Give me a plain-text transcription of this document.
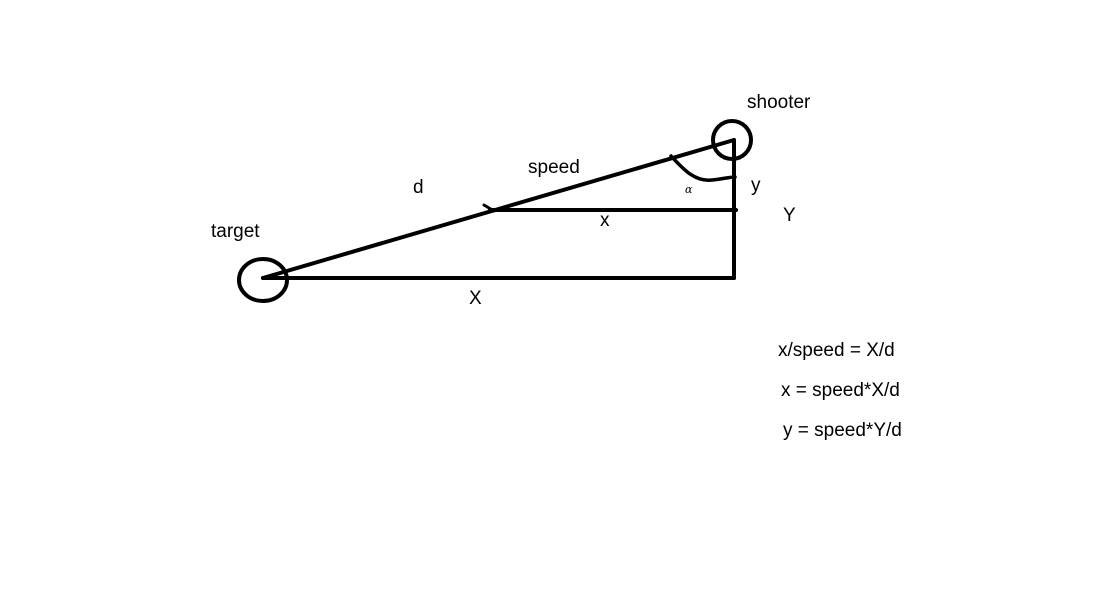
shooter
target
d
speed
α	y
Y
x
X
x/speed = X/d
x = speed*X/d
y = speed*Y/d
